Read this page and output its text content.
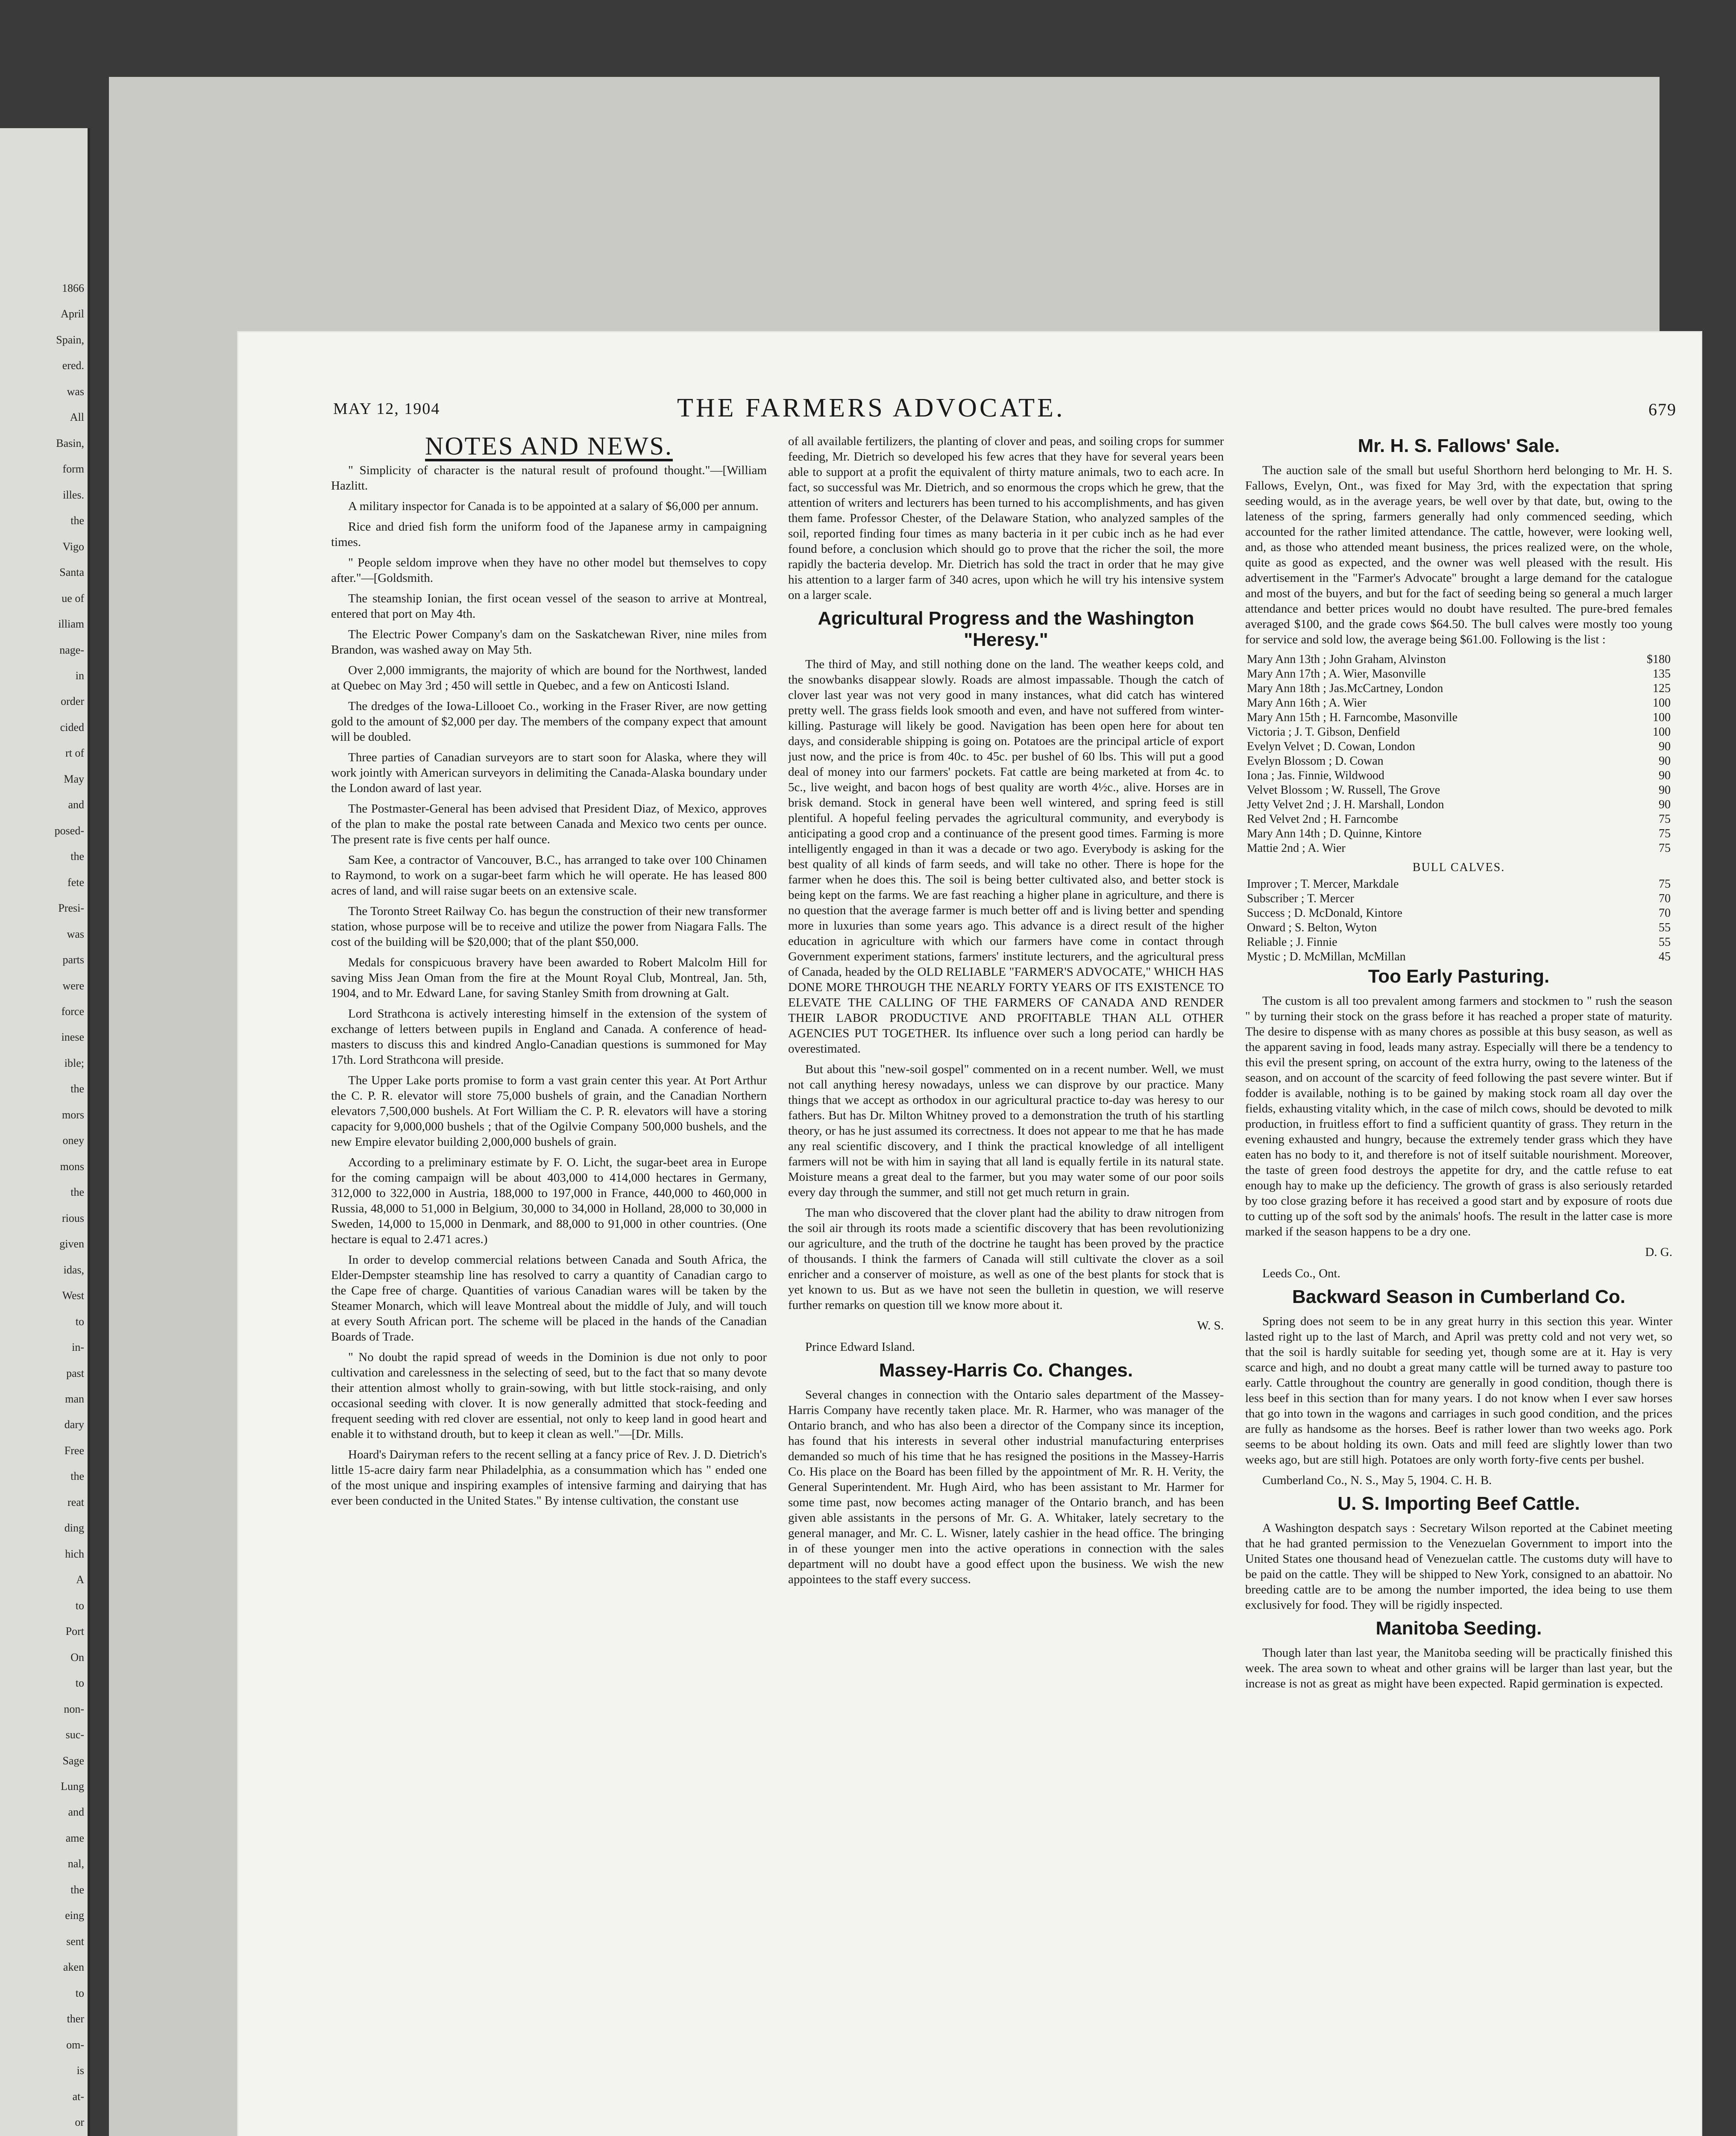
1866
April
Spain,
ered.
was
All
Basin,
form
illes.
the
Vigo
Santa
ue of
illiam
nage-
in
order
cided
rt of
May
and
posed-
the
fete
Presi-
was
parts
were
force
inese
ible;
the
mors
oney
mons
the
rious
given
idas,
West
to
in-
past
man
dary
Free
the
reat
ding
hich
A
to
Port
On
to
non-
suc-
Sage
Lung
and
ame
nal,
the
eing
sent
aken
to
ther
om-
is
at-
or
MAY 12, 1904	THE FARMERS ADVOCATE.	679
NOTES AND NEWS.

" Simplicity of character is the natural result of profound thought."—[William Hazlitt.

A military inspector for Canada is to be appointed at a salary of $6,000 per annum.

Rice and dried fish form the uniform food of the Japanese army in campaigning times.

" People seldom improve when they have no other model but themselves to copy after."—[Goldsmith.

The steamship Ionian, the first ocean vessel of the season to arrive at Montreal, entered that port on May 4th.

The Electric Power Company's dam on the Saskatchewan River, nine miles from Brandon, was washed away on May 5th.

Over 2,000 immigrants, the majority of which are bound for the Northwest, landed at Quebec on May 3rd ; 450 will settle in Quebec, and a few on Anticosti Island.

The dredges of the Iowa-Lillooet Co., working in the Fraser River, are now getting gold to the amount of $2,000 per day. The members of the company expect that amount will be doubled.

Three parties of Canadian surveyors are to start soon for Alaska, where they will work jointly with American surveyors in delimiting the Canada-Alaska boundary under the London award of last year.

The Postmaster-General has been advised that President Diaz, of Mexico, approves of the plan to make the postal rate between Canada and Mexico two cents per ounce. The present rate is five cents per half ounce.

Sam Kee, a contractor of Vancouver, B.C., has arranged to take over 100 Chinamen to Raymond, to work on a sugar-beet farm which he will operate. He has leased 800 acres of land, and will raise sugar beets on an extensive scale.

The Toronto Street Railway Co. has begun the construction of their new transformer station, whose purpose will be to receive and utilize the power from Niagara Falls. The cost of the building will be $20,000; that of the plant $50,000.

Medals for conspicuous bravery have been awarded to Robert Malcolm Hill for saving Miss Jean Oman from the fire at the Mount Royal Club, Montreal, Jan. 5th, 1904, and to Mr. Edward Lane, for saving Stanley Smith from drowning at Galt.

Lord Strathcona is actively interesting himself in the extension of the system of exchange of letters between pupils in England and Canada. A conference of head-masters to discuss this and kindred Anglo-Canadian questions is summoned for May 17th. Lord Strathcona will preside.

The Upper Lake ports promise to form a vast grain center this year. At Port Arthur the C. P. R. elevator will store 75,000 bushels of grain, and the Canadian Northern elevators 7,500,000 bushels. At Fort William the C. P. R. elevators will have a storing capacity for 9,000,000 bushels ; that of the Ogilvie Company 500,000 bushels, and the new Empire elevator building 2,000,000 bushels of grain.

According to a preliminary estimate by F. O. Licht, the sugar-beet area in Europe for the coming campaign will be about 403,000 to 414,000 hectares in Germany, 312,000 to 322,000 in Austria, 188,000 to 197,000 in France, 440,000 to 460,000 in Russia, 48,000 to 51,000 in Belgium, 30,000 to 34,000 in Holland, 28,000 to 30,000 in Sweden, 14,000 to 15,000 in Denmark, and 88,000 to 91,000 in other countries. (One hectare is equal to 2.471 acres.)

In order to develop commercial relations between Canada and South Africa, the Elder-Dempster steamship line has resolved to carry a quantity of Canadian cargo to the Cape free of charge. Quantities of various Canadian wares will be taken by the Steamer Monarch, which will leave Montreal about the middle of July, and will touch at every South African port. The scheme will be placed in the hands of the Canadian Boards of Trade.

" No doubt the rapid spread of weeds in the Dominion is due not only to poor cultivation and carelessness in the selecting of seed, but to the fact that so many devote their attention almost wholly to grain-sowing, with but little stock-raising, and only occasional seeding with clover. It is now generally admitted that stock-feeding and frequent seeding with red clover are essential, not only to keep land in good heart and enable it to withstand drouth, but to keep it clean as well."—[Dr. Mills.

Hoard's Dairyman refers to the recent selling at a fancy price of Rev. J. D. Dietrich's little 15-acre dairy farm near Philadelphia, as a consummation which has " ended one of the most unique and inspiring examples of intensive farming and dairying that has ever been conducted in the United States." By intense cultivation, the constant use

of all available fertilizers, the planting of clover and peas, and soiling crops for summer feeding, Mr. Dietrich so developed his few acres that they have for several years been able to support at a profit the equivalent of thirty mature animals, two to each acre. In fact, so successful was Mr. Dietrich, and so enormous the crops which he grew, that the attention of writers and lecturers has been turned to his accomplishments, and has given them fame. Professor Chester, of the Delaware Station, who analyzed samples of the soil, reported finding four times as many bacteria in it per cubic inch as he had ever found before, a conclusion which should go to prove that the richer the soil, the more rapidly the bacteria develop. Mr. Dietrich has sold the tract in order that he may give his attention to a larger farm of 340 acres, upon which he will try his intensive system on a larger scale.

Agricultural Progress and the Washington "Heresy."

The third of May, and still nothing done on the land. The weather keeps cold, and the snowbanks disappear slowly. Roads are almost impassable. Though the catch of clover last year was not very good in many instances, what did catch has wintered pretty well. The grass fields look smooth and even, and have not suffered from winter-killing. Pasturage will likely be good. Navigation has been open here for about ten days, and considerable shipping is going on. Potatoes are the principal article of export just now, and the price is from 40c. to 45c. per bushel of 60 lbs. This will put a good deal of money into our farmers' pockets. Fat cattle are being marketed at from 4c. to 5c., live weight, and bacon hogs of best quality are worth 4½c., alive. Horses are in brisk demand. Stock in general have been well wintered, and spring feed is still plentiful. A hopeful feeling pervades the agricultural community, and everybody is anticipating a good crop and a continuance of the present good times. Farming is more intelligently engaged in than it was a decade or two ago. Everybody is asking for the best quality of all kinds of farm seeds, and will take no other. There is hope for the farmer when he does this. The soil is being better cultivated also, and better stock is being kept on the farms. We are fast reaching a higher plane in agriculture, and there is no question that the average farmer is much better off and is living better and spending more in luxuries than some years ago. This advance is a direct result of the higher education in agriculture with which our farmers have come in contact through Government experiment stations, farmers' institute lecturers, and the agricultural press of Canada, headed by the OLD RELIABLE "FARMER'S ADVOCATE," WHICH HAS DONE MORE THROUGH THE NEARLY FORTY YEARS OF ITS EXISTENCE TO ELEVATE THE CALLING OF THE FARMERS OF CANADA AND RENDER THEIR LABOR PRODUCTIVE AND PROFITABLE THAN ALL OTHER AGENCIES PUT TOGETHER. Its influence over such a long period can hardly be overestimated.

But about this "new-soil gospel" commented on in a recent number. Well, we must not call anything heresy nowadays, unless we can disprove by our practice. Many things that we accept as orthodox in our agricultural practice to-day was heresy to our fathers. But has Dr. Milton Whitney proved to a demonstration the truth of his startling theory, or has he just assumed its correctness. It does not appear to me that he has made any real scientific discovery, and I think the practical knowledge of all intelligent farmers will not be with him in saying that all land is equally fertile in its natural state. Moisture means a great deal to the farmer, but you may water some of our poor soils every day through the summer, and still not get much return in grain.

The man who discovered that the clover plant had the ability to draw nitrogen from the soil air through its roots made a scientific discovery that has been revolutionizing our agriculture, and the truth of the doctrine he taught has been proved by the practice of thousands. I think the farmers of Canada will still cultivate the clover as a soil enricher and a conserver of moisture, as well as one of the best plants for stock that is yet known to us. But as we have not seen the bulletin in question, we will reserve further remarks on question till we know more about it.

W. S.

Prince Edward Island.

Massey-Harris Co. Changes.

Several changes in connection with the Ontario sales department of the Massey-Harris Company have recently taken place. Mr. R. Harmer, who was manager of the Ontario branch, and who has also been a director of the Company since its inception, has found that his interests in several other industrial manufacturing enterprises demanded so much of his time that he has resigned the positions in the Massey-Harris Co. His place on the Board has been filled by the appointment of Mr. R. H. Verity, the General Superintendent. Mr. Hugh Aird, who has been assistant to Mr. Harmer for some time past, now becomes acting manager of the Ontario branch, and has been given able assistants in the persons of Mr. G. A. Whitaker, lately secretary to the general manager, and Mr. C. L. Wisner, lately cashier in the head office. The bringing in of these younger men into the active operations in connection with the sales department will no doubt have a good effect upon the business. We wish the new appointees to the staff every success.

Mr. H. S. Fallows' Sale.

The auction sale of the small but useful Shorthorn herd belonging to Mr. H. S. Fallows, Evelyn, Ont., was fixed for May 3rd, with the expectation that spring seeding would, as in the average years, be well over by that date, but, owing to the lateness of the spring, farmers generally had only commenced seeding, which accounted for the rather limited attendance. The cattle, however, were looking well, and, as those who attended meant business, the prices realized were, on the whole, quite as good as expected, and the owner was well pleased with the result. His advertisement in the "Farmer's Advocate" brought a large demand for the catalogue and most of the buyers, and but for the fact of seeding being so general a much larger attendance and better prices would no doubt have resulted. The pure-bred females averaged $100, and the grade cows $64.50. The bull calves were mostly too young for service and sold low, the average being $61.00. Following is the list :

Mary Ann 13th ; John Graham, Alvinston	$180
Mary Ann 17th ; A. Wier, Masonville	135
Mary Ann 18th ; Jas.McCartney, London	125
Mary Ann 16th ; A. Wier	100
Mary Ann 15th ; H. Farncombe, Masonville	100
Victoria ; J. T. Gibson, Denfield	100
Evelyn Velvet ; D. Cowan, London	90
Evelyn Blossom ; D. Cowan	90
Iona ; Jas. Finnie, Wildwood	90
Velvet Blossom ; W. Russell, The Grove	90
Jetty Velvet 2nd ; J. H. Marshall, London	90
Red Velvet 2nd ; H. Farncombe	75
Mary Ann 14th ; D. Quinne, Kintore	75
Mattie 2nd ; A. Wier	75
BULL CALVES.
Improver ; T. Mercer, Markdale	75
Subscriber ; T. Mercer	70
Success ; D. McDonald, Kintore	70
Onward ; S. Belton, Wyton	55
Reliable ; J. Finnie	55
Mystic ; D. McMillan, McMillan	45
Too Early Pasturing.

The custom is all too prevalent among farmers and stockmen to " rush the season " by turning their stock on the grass before it has reached a proper state of maturity. The desire to dispense with as many chores as possible at this busy season, as well as the apparent saving in food, leads many astray. Especially will there be a tendency to this evil the present spring, on account of the extra hurry, owing to the lateness of the season, and on account of the scarcity of feed following the past severe winter. But if fodder is available, nothing is to be gained by making stock roam all day over the fields, exhausting vitality which, in the case of milch cows, should be devoted to milk production, in fruitless effort to find a sufficient quantity of grass. They return in the evening exhausted and hungry, because the extremely tender grass which they have eaten has no body to it, and therefore is not of itself suitable nourishment. Moreover, the taste of green food destroys the appetite for dry, and the cattle refuse to eat enough hay to make up the deficiency. The growth of grass is also seriously retarded by too close grazing before it has received a good start and by exposure of roots due to cutting up of the soft sod by the animals' hoofs. The result in the latter case is more marked if the season happens to be a dry one.

D. G.

Leeds Co., Ont.

Backward Season in Cumberland Co.

Spring does not seem to be in any great hurry in this section this year. Winter lasted right up to the last of March, and April was pretty cold and not very wet, so that the soil is hardly suitable for seeding yet, though some are at it. Hay is very scarce and high, and no doubt a great many cattle will be turned away to pasture too early. Cattle throughout the country are generally in good condition, though there is less beef in this section than for many years. I do not know when I ever saw horses that go into town in the wagons and carriages in such good condition, and the prices are fully as handsome as the horses. Beef is rather lower than two weeks ago. Pork seems to be about holding its own. Oats and mill feed are slightly lower than two weeks ago, but are still high. Potatoes are only worth forty-five cents per bushel.

Cumberland Co., N. S., May 5, 1904. C. H. B.

U. S. Importing Beef Cattle.

A Washington despatch says : Secretary Wilson reported at the Cabinet meeting that he had granted permission to the Venezuelan Government to import into the United States one thousand head of Venezuelan cattle. The customs duty will have to be paid on the cattle. They will be shipped to New York, consigned to an abattoir. No breeding cattle are to be among the number imported, the idea being to use them exclusively for food. They will be rigidly inspected.

Manitoba Seeding.

Though later than last year, the Manitoba seeding will be practically finished this week. The area sown to wheat and other grains will be larger than last year, but the increase is not as great as might have been expected. Rapid germination is expected.
